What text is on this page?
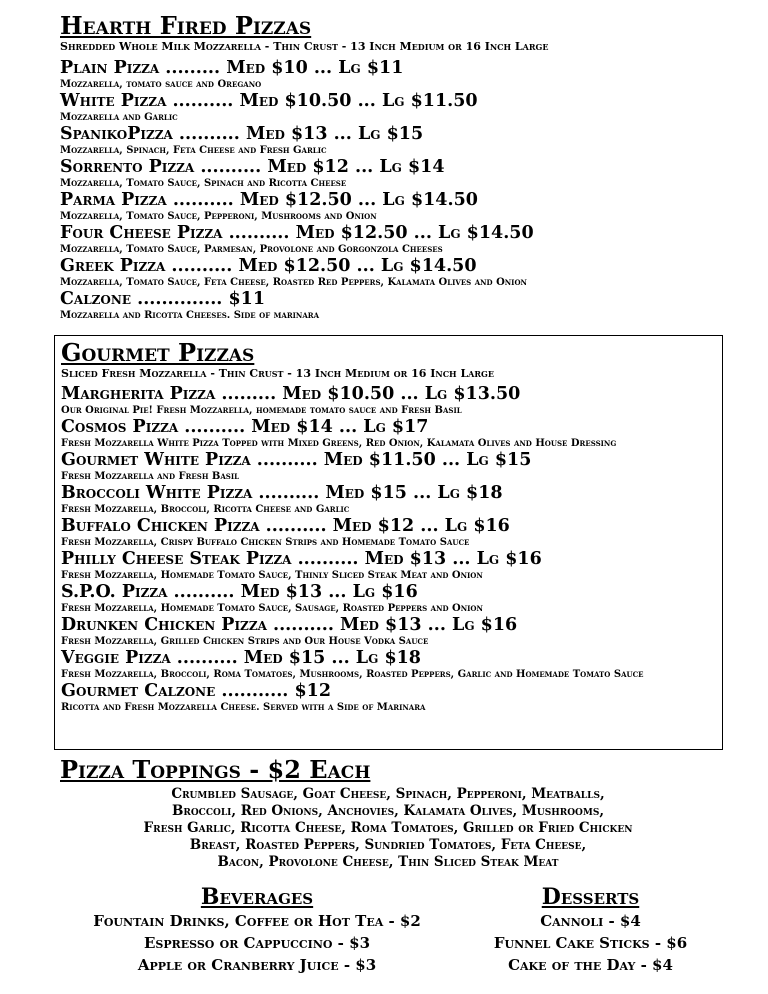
Hearth Fired Pizzas
Shredded Whole Milk Mozzarella - Thin Crust - 13 Inch Medium or 16 Inch Large
Plain Pizza ......... Med $10 ... Lg $11
Mozzarella, tomato sauce and Oregano
White Pizza .......... Med $10.50 ... Lg $11.50
Mozzarella and Garlic
SpanikoPizza .......... Med $13 ... Lg $15
Mozzarella, Spinach, Feta Cheese and Fresh Garlic
Sorrento Pizza .......... Med $12 ... Lg $14
Mozzarella, Tomato Sauce, Spinach and Ricotta Cheese
Parma Pizza .......... Med $12.50 ... Lg $14.50
Mozzarella, Tomato Sauce, Pepperoni, Mushrooms and Onion
Four Cheese Pizza .......... Med $12.50 ... Lg $14.50
Mozzarella, Tomato Sauce, Parmesan, Provolone and Gorgonzola Cheeses
Greek Pizza .......... Med $12.50 ... Lg $14.50
Mozzarella, Tomato Sauce, Feta Cheese, Roasted Red Peppers, Kalamata Olives and Onion
Calzone .............. $11
Mozzarella and Ricotta Cheeses. Side of marinara
Gourmet Pizzas
Sliced Fresh Mozzarella - Thin Crust - 13 Inch Medium or 16 Inch Large
Margherita Pizza ......... Med $10.50 ... Lg $13.50
Our Original Pie! Fresh Mozzarella, homemade tomato sauce and Fresh Basil
Cosmos Pizza .......... Med $14 ... Lg $17
Fresh Mozzarella White Pizza Topped with Mixed Greens, Red Onion, Kalamata Olives and House Dressing
Gourmet White Pizza .......... Med $11.50 ... Lg $15
Fresh Mozzarella and Fresh Basil
Broccoli White Pizza .......... Med $15 ... Lg $18
Fresh Mozzarella, Broccoli, Ricotta Cheese and Garlic
Buffalo Chicken Pizza .......... Med $12 ... Lg $16
Fresh Mozzarella, Crispy Buffalo Chicken Strips and Homemade Tomato Sauce
Philly Cheese Steak Pizza .......... Med $13 ... Lg $16
Fresh Mozzarella, Homemade Tomato Sauce, Thinly Sliced Steak Meat and Onion
S.P.O. Pizza .......... Med $13 ... Lg $16
Fresh Mozzarella, Homemade Tomato Sauce, Sausage, Roasted Peppers and Onion
Drunken Chicken Pizza .......... Med $13 ... Lg $16
Fresh Mozzarella, Grilled Chicken Strips and Our House Vodka Sauce
Veggie Pizza .......... Med $15 ... Lg $18
Fresh Mozzarella, Broccoli, Roma Tomatoes, Mushrooms, Roasted Peppers, Garlic and Homemade Tomato Sauce
Gourmet Calzone ........... $12
Ricotta and Fresh Mozzarella Cheese. Served with a Side of Marinara
Pizza Toppings - $2 Each
Crumbled Sausage, Goat Cheese, Spinach, Pepperoni, Meatballs,
Broccoli, Red Onions, Anchovies, Kalamata Olives, Mushrooms,
Fresh Garlic, Ricotta Cheese, Roma Tomatoes, Grilled or Fried Chicken
Breast, Roasted Peppers, Sundried Tomatoes, Feta Cheese,
Bacon, Provolone Cheese, Thin Sliced Steak Meat
Beverages
Fountain Drinks, Coffee or Hot Tea - $2
Espresso or Cappuccino - $3
Apple or Cranberry Juice - $3
Desserts
Cannoli - $4
Funnel Cake Sticks - $6
Cake of the Day - $4
